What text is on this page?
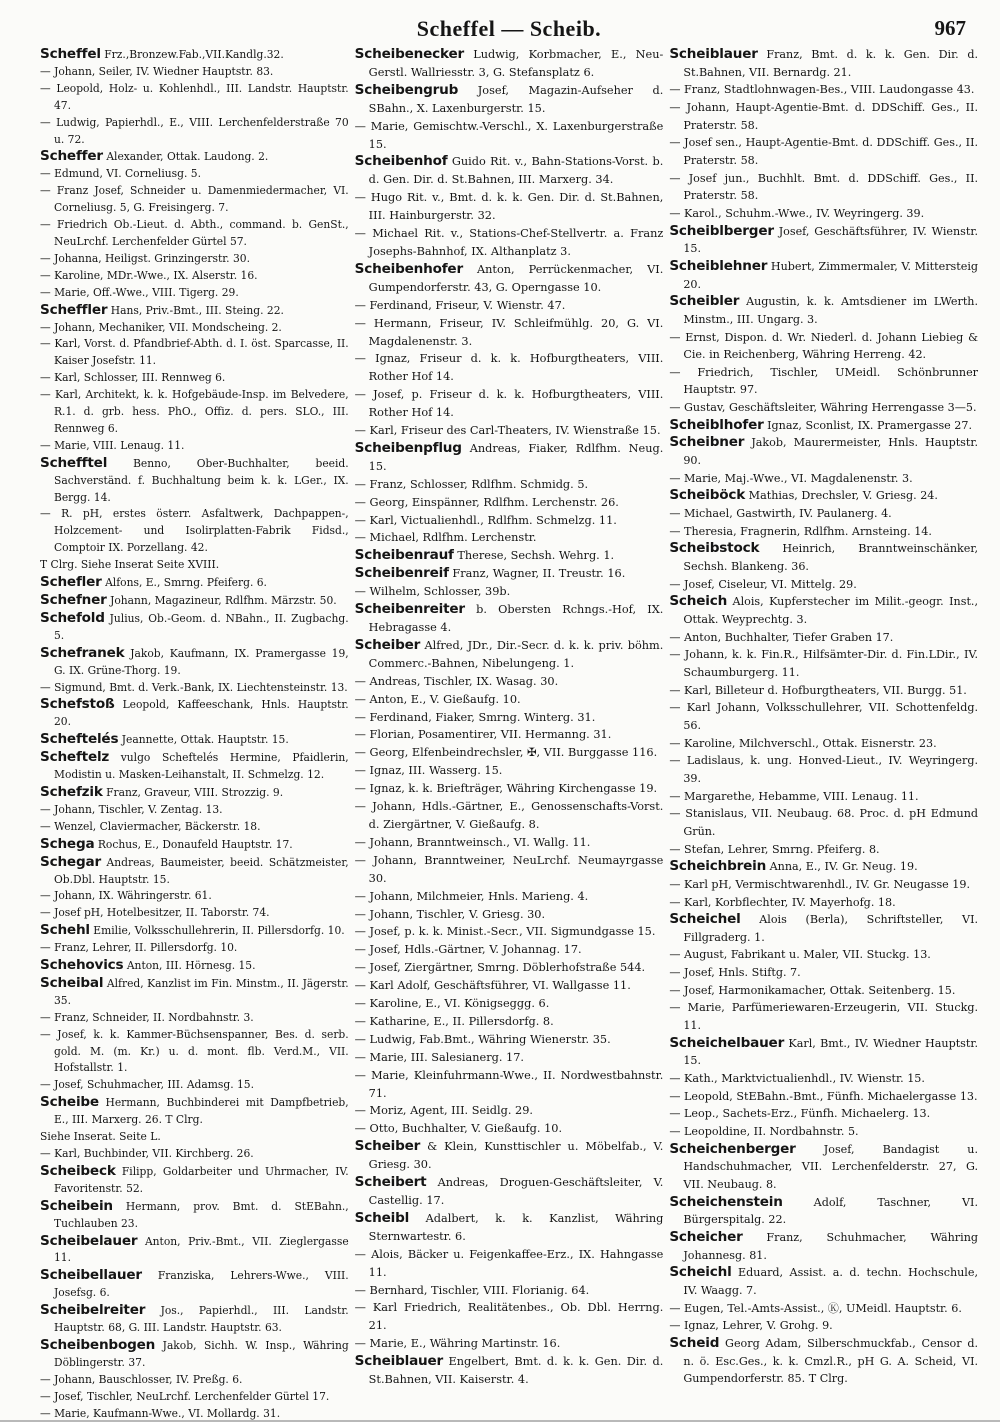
Scheffel — Scheib.	967

Scheffel Frz.,Bronzew.Fab.,VII.Kandlg.32.

— Johann, Seiler, IV. Wiedner Hauptstr. 83.

— Leopold, Holz- u. Kohlenhdl., III. Landstr. Hauptstr. 47.

— Ludwig, Papierhdl., E., VIII. Lerchenfelderstraße 70 u. 72.

Scheffer Alexander, Ottak. Laudong. 2.

— Edmund, VI. Corneliusg. 5.

— Franz Josef, Schneider u. Damenmiedermacher, VI. Corneliusg. 5, G. Freisingerg. 7.

— Friedrich Ob.-Lieut. d. Abth., command. b. GenSt., NeuLrchf. Lerchenfelder Gürtel 57.

— Johanna, Heiligst. Grinzingerstr. 30.

— Karoline, MDr.-Wwe., IX. Alserstr. 16.

— Marie, Off.-Wwe., VIII. Tigerg. 29.

Scheffler Hans, Priv.-Bmt., III. Steing. 22.

— Johann, Mechaniker, VII. Mondscheing. 2.

— Karl, Vorst. d. Pfandbrief-Abth. d. I. öst. Sparcasse, II. Kaiser Josefstr. 11.

— Karl, Schlosser, III. Rennweg 6.

— Karl, Architekt, k. k. Hofgebäude-Insp. im Belvedere, R.1. d. grb. hess. PhO., Offiz. d. pers. SLO., III. Rennweg 6.

— Marie, VIII. Lenaug. 11.

Schefftel Benno, Ober-Buchhalter, beeid. Sachverständ. f. Buchhaltung beim k. k. LGer., IX. Bergg. 14.

— R. pH, erstes österr. Asfaltwerk, Dachpappen-, Holzcement- und Isolirplatten-Fabrik Fidsd., Comptoir IX. Porzellang. 42.

T Clrg. Siehe Inserat Seite XVIII.

Schefler Alfons, E., Smrng. Pfeiferg. 6.

Schefner Johann, Magazineur, Rdlfhm. Märzstr. 50.

Schefold Julius, Ob.-Geom. d. NBahn., II. Zugbachg. 5.

Schefranek Jakob, Kaufmann, IX. Pramergasse 19, G. IX. Grüne-Thorg. 19.

— Sigmund, Bmt. d. Verk.-Bank, IX. Liechtensteinstr. 13.

Schefstoß Leopold, Kaffeeschank, Hnls. Hauptstr. 20.

Scheftelés Jeannette, Ottak. Hauptstr. 15.

Scheftelz vulgo Scheftelés Hermine, Pfaidlerin, Modistin u. Masken-Leihanstalt, II. Schmelzg. 12.

Schefzik Franz, Graveur, VIII. Strozzig. 9.

— Johann, Tischler, V. Zentag. 13.

— Wenzel, Claviermacher, Bäckerstr. 18.

Schega Rochus, E., Donaufeld Hauptstr. 17.

Schegar Andreas, Baumeister, beeid. Schätzmeister, Ob.Dbl. Hauptstr. 15.

— Johann, IX. Währingerstr. 61.

— Josef pH, Hotelbesitzer, II. Taborstr. 74.

Schehl Emilie, Volksschullehrerin, II. Pillersdorfg. 10.

— Franz, Lehrer, II. Pillersdorfg. 10.

Schehovics Anton, III. Hörnesg. 15.

Scheibal Alfred, Kanzlist im Fin. Minstm., II. Jägerstr. 35.

— Franz, Schneider, II. Nordbahnstr. 3.

— Josef, k. k. Kammer-Büchsenspanner, Bes. d. serb. gold. M. (m. Kr.) u. d. mont. flb. Verd.M., VII. Hofstallstr. 1.

— Josef, Schuhmacher, III. Adamsg. 15.

Scheibe Hermann, Buchbinderei mit Dampfbetrieb, E., III. Marxerg. 26. T Clrg.

Siehe Inserat. Seite L.

— Karl, Buchbinder, VII. Kirchberg. 26.

Scheibeck Filipp, Goldarbeiter und Uhrmacher, IV. Favoritenstr. 52.

Scheibein Hermann, prov. Bmt. d. StEBahn., Tuchlauben 23.

Scheibelauer Anton, Priv.-Bmt., VII. Zieglergasse 11.

Scheibellauer Franziska, Lehrers-Wwe., VIII. Josefsg. 6.

Scheibelreiter Jos., Papierhdl., III. Landstr. Hauptstr. 68, G. III. Landstr. Hauptstr. 63.

Scheibenbogen Jakob, Sichh. W. Insp., Währing Döblingerstr. 37.

— Johann, Bauschlosser, IV. Preßg. 6.

— Josef, Tischler, NeuLrchf. Lerchenfelder Gürtel 17.

— Marie, Kaufmann-Wwe., VI. Mollardg. 31.

Scheibenecker Ludwig, Korbmacher, E., Neu-Gerstl. Wallriesstr. 3, G. Stefansplatz 6.

Scheibengrub Josef, Magazin-Aufseher d. SBahn., X. Laxenburgerstr. 15.

— Marie, Gemischtw.-Verschl., X. Laxenburgerstraße 15.

Scheibenhof Guido Rit. v., Bahn-Stations-Vorst. b. d. Gen. Dir. d. St.Bahnen, III. Marxerg. 34.

— Hugo Rit. v., Bmt. d. k. k. Gen. Dir. d. St.Bahnen, III. Hainburgerstr. 32.

— Michael Rit. v., Stations-Chef-Stellvertr. a. Franz Josephs-Bahnhof, IX. Althanplatz 3.

Scheibenhofer Anton, Perrückenmacher, VI. Gumpendorferstr. 43, G. Operngasse 10.

— Ferdinand, Friseur, V. Wienstr. 47.

— Hermann, Friseur, IV. Schleifmühlg. 20, G. VI. Magdalenenstr. 3.

— Ignaz, Friseur d. k. k. Hofburgtheaters, VIII. Rother Hof 14.

— Josef, p. Friseur d. k. k. Hofburgtheaters, VIII. Rother Hof 14.

— Karl, Friseur des Carl-Theaters, IV. Wienstraße 15.

Scheibenpflug Andreas, Fiaker, Rdlfhm. Neug. 15.

— Franz, Schlosser, Rdlfhm. Schmidg. 5.

— Georg, Einspänner, Rdlfhm. Lerchenstr. 26.

— Karl, Victualienhdl., Rdlfhm. Schmelzg. 11.

— Michael, Rdlfhm. Lerchenstr.

Scheibenrauf Therese, Sechsh. Wehrg. 1.

Scheibenreif Franz, Wagner, II. Treustr. 16.

— Wilhelm, Schlosser, 39b.

Scheibenreiter b. Obersten Rchngs.-Hof, IX. Hebragasse 4.

Scheiber Alfred, JDr., Dir.-Secr. d. k. k. priv. böhm. Commerc.-Bahnen, Nibelungeng. 1.

— Andreas, Tischler, IX. Wasag. 30.

— Anton, E., V. Gießaufg. 10.

— Ferdinand, Fiaker, Smrng. Winterg. 31.

— Florian, Posamentirer, VII. Hermanng. 31.

— Georg, Elfenbeindrechsler, ✠, VII. Burggasse 116.

— Ignaz, III. Wasserg. 15.

— Ignaz, k. k. Briefträger, Währing Kirchengasse 19.

— Johann, Hdls.-Gärtner, E., Genossenschafts-Vorst. d. Ziergärtner, V. Gießaufg. 8.

— Johann, Branntweinsch., VI. Wallg. 11.

— Johann, Branntweiner, NeuLrchf. Neumayrgasse 30.

— Johann, Milchmeier, Hnls. Marieng. 4.

— Johann, Tischler, V. Griesg. 30.

— Josef, p. k. k. Minist.-Secr., VII. Sigmundgasse 15.

— Josef, Hdls.-Gärtner, V. Johannag. 17.

— Josef, Ziergärtner, Smrng. Döblerhofstraße 544.

— Karl Adolf, Geschäftsführer, VI. Wallgasse 11.

— Karoline, E., VI. Königseggg. 6.

— Katharine, E., II. Pillersdorfg. 8.

— Ludwig, Fab.Bmt., Währing Wienerstr. 35.

— Marie, III. Salesianerg. 17.

— Marie, Kleinfuhrmann-Wwe., II. Nordwestbahnstr. 71.

— Moriz, Agent, III. Seidlg. 29.

— Otto, Buchhalter, V. Gießaufg. 10.

Scheiber & Klein, Kunsttischler u. Möbelfab., V. Griesg. 30.

Scheibert Andreas, Droguen-Geschäftsleiter, V. Castellig. 17.

Scheibl Adalbert, k. k. Kanzlist, Währing Sternwartestr. 6.

— Alois, Bäcker u. Feigenkaffee-Erz., IX. Hahngasse 11.

— Bernhard, Tischler, VIII. Florianig. 64.

— Karl Friedrich, Realitätenbes., Ob. Dbl. Herrng. 21.

— Marie, E., Währing Martinstr. 16.

Scheiblauer Engelbert, Bmt. d. k. k. Gen. Dir. d. St.Bahnen, VII. Kaiserstr. 4.

Scheiblauer Franz, Bmt. d. k. k. Gen. Dir. d. St.Bahnen, VII. Bernardg. 21.

— Franz, Stadtlohnwagen-Bes., VIII. Laudongasse 43.

— Johann, Haupt-Agentie-Bmt. d. DDSchiff. Ges., II. Praterstr. 58.

— Josef sen., Haupt-Agentie-Bmt. d. DDSchiff. Ges., II. Praterstr. 58.

— Josef jun., Buchhlt. Bmt. d. DDSchiff. Ges., II. Praterstr. 58.

— Karol., Schuhm.-Wwe., IV. Weyringerg. 39.

Scheiblberger Josef, Geschäftsführer, IV. Wienstr. 15.

Scheiblehner Hubert, Zimmermaler, V. Mittersteig 20.

Scheibler Augustin, k. k. Amtsdiener im LWerth. Minstm., III. Ungarg. 3.

— Ernst, Dispon. d. Wr. Niederl. d. Johann Liebieg & Cie. in Reichenberg, Währing Herreng. 42.

— Friedrich, Tischler, UMeidl. Schönbrunner Hauptstr. 97.

— Gustav, Geschäftsleiter, Währing Herrengasse 3—5.

Scheiblhofer Ignaz, Sconlist, IX. Pramergasse 27.

Scheibner Jakob, Maurermeister, Hnls. Hauptstr. 90.

— Marie, Maj.-Wwe., VI. Magdalenenstr. 3.

Scheiböck Mathias, Drechsler, V. Griesg. 24.

— Michael, Gastwirth, IV. Paulanerg. 4.

— Theresia, Fragnerin, Rdlfhm. Arnsteing. 14.

Scheibstock Heinrich, Branntweinschänker, Sechsh. Blankeng. 36.

— Josef, Ciseleur, VI. Mittelg. 29.

Scheich Alois, Kupferstecher im Milit.-geogr. Inst., Ottak. Weyprechtg. 3.

— Anton, Buchhalter, Tiefer Graben 17.

— Johann, k. k. Fin.R., Hilfsämter-Dir. d. Fin.LDir., IV. Schaumburgerg. 11.

— Karl, Billeteur d. Hofburgtheaters, VII. Burgg. 51.

— Karl Johann, Volksschullehrer, VII. Schottenfeldg. 56.

— Karoline, Milchverschl., Ottak. Eisnerstr. 23.

— Ladislaus, k. ung. Honved-Lieut., IV. Weyringerg. 39.

— Margarethe, Hebamme, VIII. Lenaug. 11.

— Stanislaus, VII. Neubaug. 68. Proc. d. pH Edmund Grün.

— Stefan, Lehrer, Smrng. Pfeiferg. 8.

Scheichbrein Anna, E., IV. Gr. Neug. 19.

— Karl pH, Vermischtwarenhdl., IV. Gr. Neugasse 19.

— Karl, Korbflechter, IV. Mayerhofg. 18.

Scheichel Alois (Berla), Schriftsteller, VI. Fillgraderg. 1.

— August, Fabrikant u. Maler, VII. Stuckg. 13.

— Josef, Hnls. Stiftg. 7.

— Josef, Harmonikamacher, Ottak. Seitenberg. 15.

— Marie, Parfümeriewaren-Erzeugerin, VII. Stuckg. 11.

Scheichelbauer Karl, Bmt., IV. Wiedner Hauptstr. 15.

— Kath., Marktvictualienhdl., IV. Wienstr. 15.

— Leopold, StEBahn.-Bmt., Fünfh. Michaelergasse 13.

— Leop., Sachets-Erz., Fünfh. Michaelerg. 13.

— Leopoldine, II. Nordbahnstr. 5.

Scheichenberger	Josef, Bandagist u. Handschuhmacher, VII. Lerchenfelderstr. 27, G. VII. Neubaug. 8.

Scheichenstein	Adolf, Taschner, VI. Bürgerspitalg. 22.

Scheicher Franz, Schuhmacher, Währing Johannesg. 81.

Scheichl Eduard, Assist. a. d. techn. Hochschule, IV. Waagg. 7.

— Eugen, Tel.-Amts-Assist., Ⓚ, UMeidl. Hauptstr. 6.

— Ignaz, Lehrer, V. Grohg. 9.

Scheid Georg Adam, Silberschmuckfab., Censor d. n. ö. Esc.Ges., k. k. Cmzl.R., pH G. A. Scheid, VI. Gumpendorferstr. 85. T Clrg.
